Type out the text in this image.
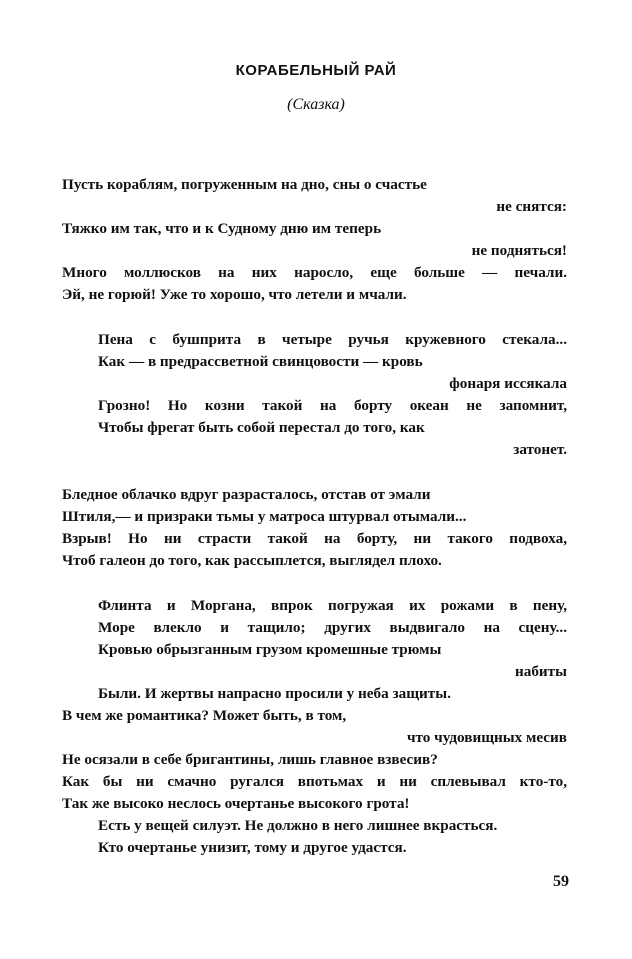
КОРАБЕЛЬНЫЙ РАЙ
(Сказка)
Пусть кораблям, погруженным на дно, сны о счастье
не снятся:
Тяжко им так, что и к Судному дню им теперь
не подняться!
Много моллюсков на них наросло, еще больше — печали.
Эй, не горюй! Уже то хорошо, что летели и мчали.
Пена с бушприта в четыре ручья кружевного стекала...
Как — в предрассветной свинцовости — кровь
фонаря иссякала
Грозно! Но козни такой на борту океан не запомнит,
Чтобы фрегат быть собой перестал до того, как
затонет.
Бледное облачко вдруг разрасталось, отстав от эмали
Штиля,— и призраки тьмы у матроса штурвал отымали...
Взрыв! Но ни страсти такой на борту, ни такого подвоха,
Чтоб галеон до того, как рассыплется, выглядел плохо.
Флинта и Моргана, впрок погружая их рожами в пену,
Море влекло и тащило; других выдвигало на сцену...
Кровью обрызганным грузом кромешные трюмы
набиты
Были. И жертвы напрасно просили у неба защиты.
В чем же романтика? Может быть, в том,
что чудовищных месив
Не осязали в себе бригантины, лишь главное взвесив?
Как бы ни смачно ругался впотьмах и ни сплевывал кто-то,
Так же высоко неслось очертанье высокого грота!
Есть у вещей силуэт. Не должно в него лишнее вкрасться.
Кто очертанье унизит, тому и другое удастся.
59
